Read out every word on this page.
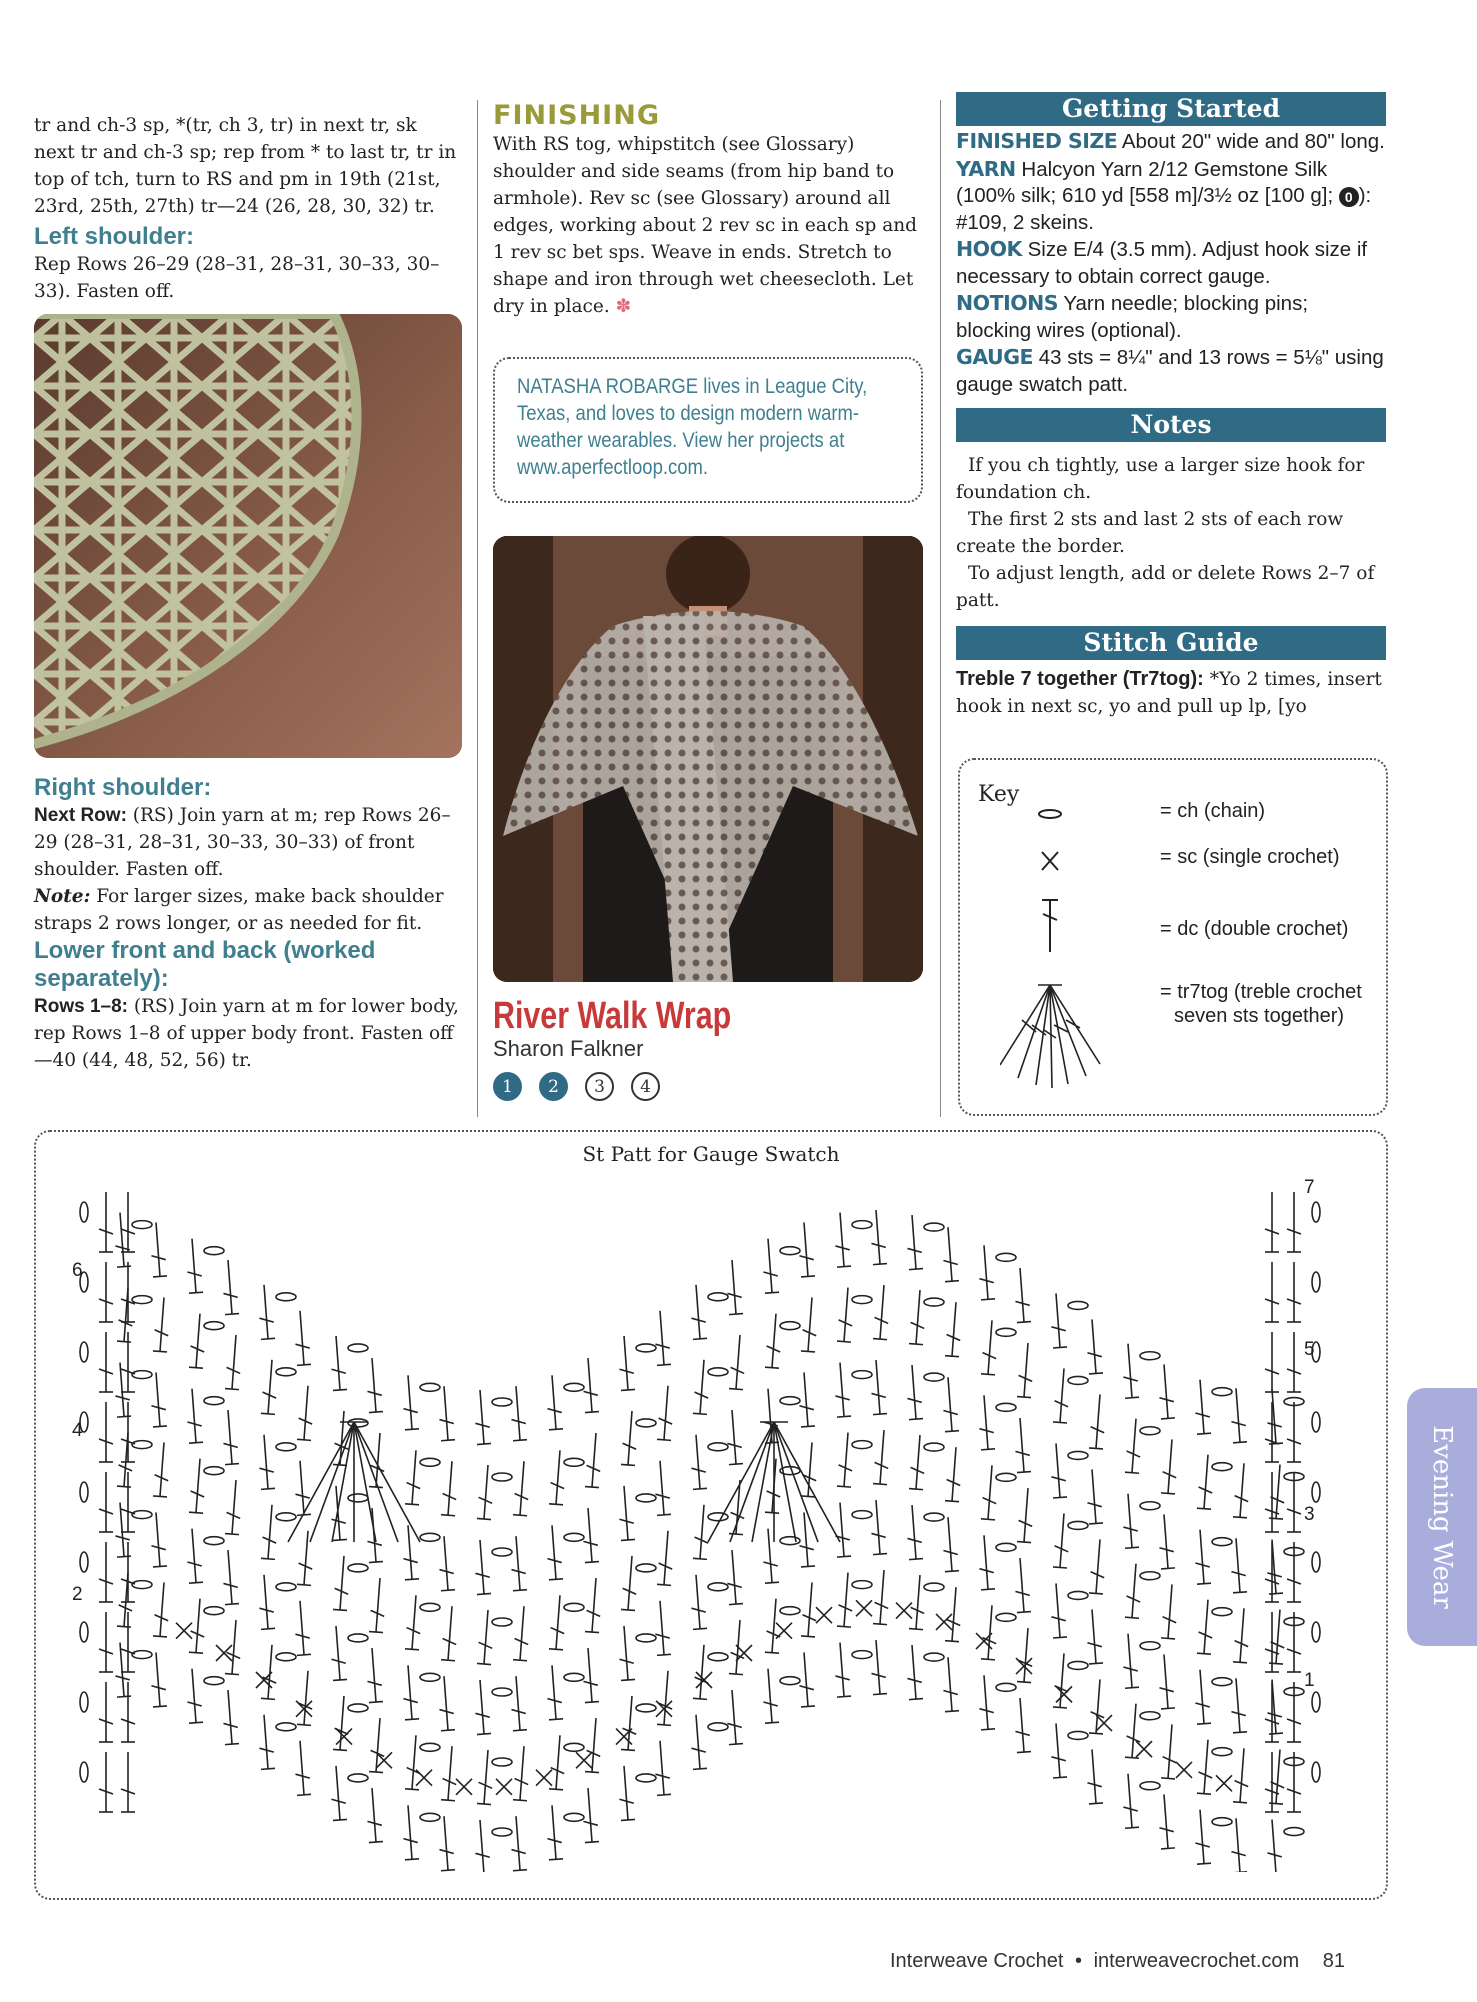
tr and ch-3 sp, *(tr, ch 3, tr) in next tr, sk next tr and ch-3 sp; rep from * to last tr, tr in top of tch, turn to RS and pm in 19th (21st, 23rd, 25th, 27th) tr—24 (26, 28, 30, 32) tr.

Left shoulder:

Rep Rows 26–29 (28–31, 28–31, 30–33, 30–33). Fasten off.

Right shoulder:

Next Row: (RS) Join yarn at m; rep Rows 26–29 (28–31, 28–31, 30–33, 30–33) of front shoulder. Fasten off.

Note: For larger sizes, make back shoulder straps 2 rows longer, or as needed for fit.

Lower front and back (worked separately):

Rows 1–8: (RS) Join yarn at m for lower body, rep Rows 1–8 of upper body front. Fasten off—40 (44, 48, 52, 56) tr.

FINISHING

With RS tog, whipstitch (see Glossary) shoulder and side seams (from hip band to armhole). Rev sc (see Glossary) around all edges, working about 2 rev sc in each sp and 1 rev sc bet sps. Weave in ends. Stretch to shape and iron through wet cheesecloth. Let dry in place. ✽

NATASHA ROBARGE lives in League City, Texas, and loves to design modern warm-weather wearables. View her projects at www.aperfectloop.com.

River Walk Wrap
Sharon Falkner
1 2 3 4
Getting Started
FINISHED SIZE About 20" wide and 80" long.
YARN Halcyon Yarn 2/12 Gemstone Silk (100% silk; 610 yd [558 m]/3½ oz [100 g]; 0 ): #109, 2 skeins.
HOOK Size E/4 (3.5 mm). Adjust hook size if necessary to obtain correct gauge.
NOTIONS Yarn needle; blocking pins; blocking wires (optional).
GAUGE 43 sts = 8¼" and 13 rows = 5⅛" using gauge swatch patt.
Notes

If you ch tightly, use a larger size hook for foundation ch.

The first 2 sts and last 2 sts of each row create the border.

To adjust length, add or delete Rows 2–7 of patt.

Stitch Guide

Treble 7 together (Tr7tog): *Yo 2 times, insert hook in next sc, yo and pull up lp, [yo

Key
= ch (chain)
= sc (single crochet)
= dc (double crochet)
= tr7tog (treble crochet seven sts together)
St Patt for Gauge Swatch
7
5
3
1
6
4
2	Evening Wear
Interweave Crochet • interweavecrochet.com 81
